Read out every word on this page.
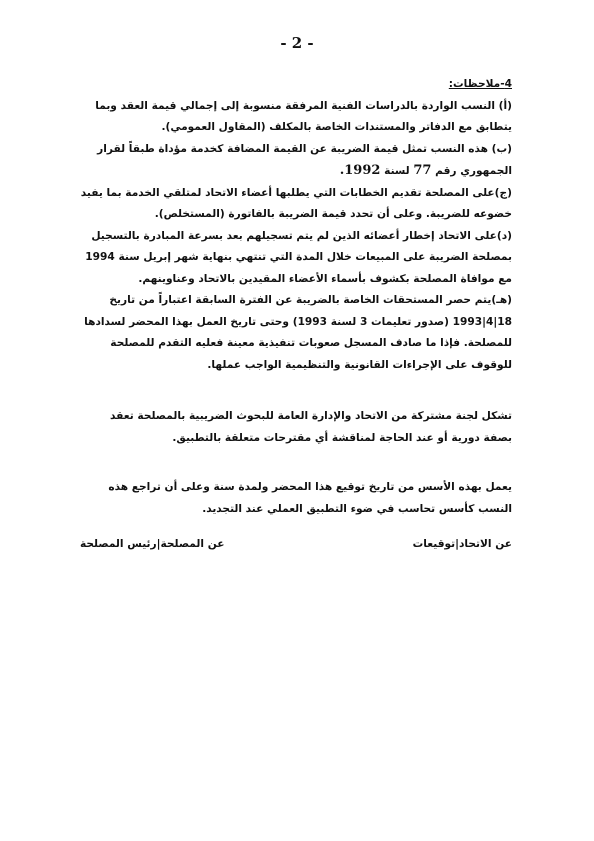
- 2 -

4-ملاحظات:

(أ) النسب الواردة بالدراسات الفنية المرفقة منسوبة إلى إجمالي قيمة العقد وبما يتطابق مع الدفاتر والمستندات الخاصة بالمكلف (المقاول العمومي).

(ب) هذه النسب تمثل قيمة الضريبة عن القيمة المضافة كخدمة مؤداة طبقاً لقرار الجمهوري رقم 77 لسنة 1992.

(ج)على المصلحة تقديم الخطابات التي يطلبها أعضاء الاتحاد لمتلقي الخدمة بما يفيد خضوعه للضريبة. وعلى أن تحدد قيمة الضريبة بالفاتورة (المستخلص).

(د)على الاتحاد إخطار أعضائه الذين لم يتم تسجيلهم بعد بسرعة المبادرة بالتسجيل بمصلحة الضريبة على المبيعات خلال المدة التي تنتهي بنهاية شهر إبريل سنة 1994 مع موافاة المصلحة بكشوف بأسماء الأعضاء المقيدين بالاتحاد وعناوينهم.

(هـ)يتم حصر المستحقات الخاصة بالضريبة عن الفترة السابقة اعتباراً من تاريخ 18|4|1993 (صدور تعليمات 3 لسنة 1993) وحتى تاريخ العمل بهذا المحضر لسدادها للمصلحة. فإذا ما صادف المسجل صعوبات تنفيذية معينة فعليه التقدم للمصلحة للوقوف على الإجراءات القانونية والتنظيمية الواجب عملها.

تشكل لجنة مشتركة من الاتحاد والإدارة العامة للبحوث الضريبية بالمصلحة تعقد بصفة دورية أو عند الحاجة لمناقشة أي مقترحات متعلقة بالتطبيق.

يعمل بهذه الأسس من تاريخ توقيع هذا المحضر ولمدة سنة وعلى أن تراجع هذه النسب كأسس تحاسب في ضوء التطبيق العملي عند التجديد.

عن الاتحاد|توقيعات
عن المصلحة|رئيس المصلحة
